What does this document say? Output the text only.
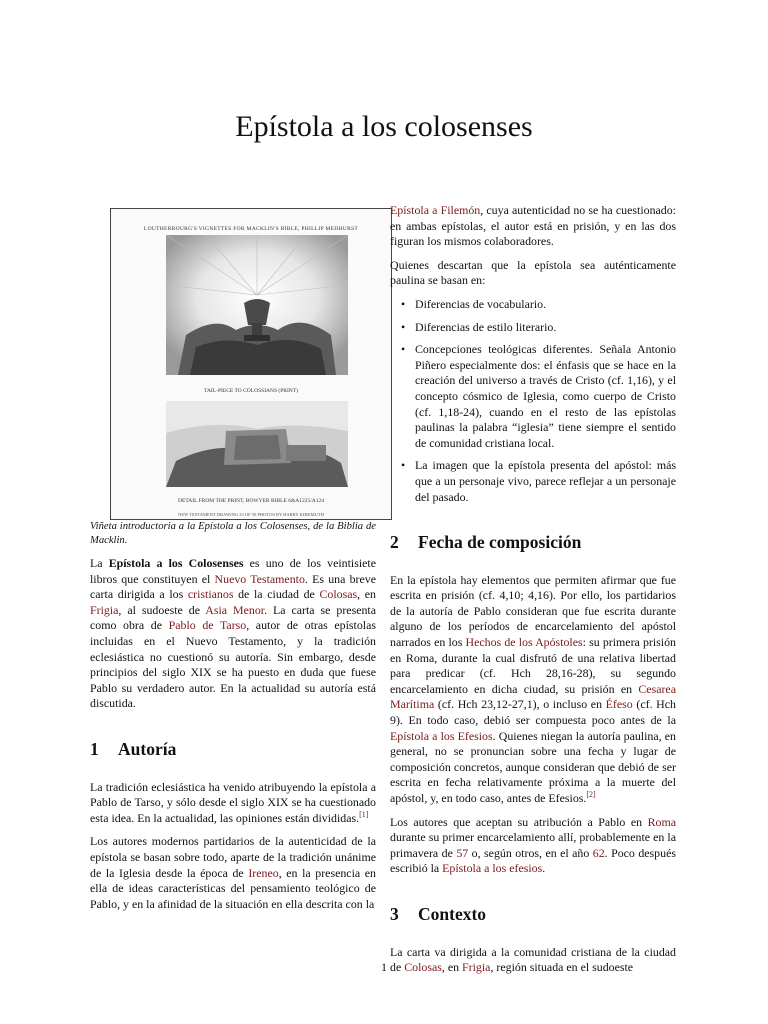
Epístola a los colosenses
LOUTHERBOURG'S VIGNETTES FOR MACKLIN'S BIBLE, PHILLIP MEDHURST
TAIL-PIECE TO COLOSSIANS (PRINT)
DETAIL FROM THE PRINT, BOWYER BIBLE 6&A1225/A124
NEW TESTAMENT DRAWING 23 OF 50 PHOTOS BY HARRY KIRKMUTH

Viñeta introductoria a la Epístola a los Colosenses, de la Biblia de Macklin.

La Epístola a los Colosenses es uno de los veintisiete libros que constituyen el Nuevo Testamento. Es una breve carta dirigida a los cristianos de la ciudad de Colosas, en Frigia, al sudoeste de Asia Menor. La carta se presenta como obra de Pablo de Tarso, autor de otras epístolas incluidas en el Nuevo Testamento, y la tradición eclesiástica no cuestionó su autoría. Sin embargo, desde principios del siglo XIX se ha puesto en duda que fuese Pablo su verdadero autor. En la actualidad su autoría está discutida.

1 Autoría

La tradición eclesiástica ha venido atribuyendo la epístola a Pablo de Tarso, y sólo desde el siglo XIX se ha cuestionado esta idea. En la actualidad, las opiniones están divididas.[1]

Los autores modernos partidarios de la autenticidad de la epístola se basan sobre todo, aparte de la tradición unánime de la Iglesia desde la época de Ireneo, en la presencia en ella de ideas características del pensamiento teológico de Pablo, y en la afinidad de la situación en ella descrita con la

Epístola a Filemón, cuya autenticidad no se ha cuestionado: en ambas epístolas, el autor está en prisión, y en las dos figuran los mismos colaboradores.

Quienes descartan que la epístola sea auténticamente paulina se basan en:

• Diferencias de vocabulario.
• Diferencias de estilo literario.
• Concepciones teológicas diferentes. Señala Antonio Piñero especialmente dos: el énfasis que se hace en la creación del universo a través de Cristo (cf. 1,16), y el concepto cósmico de Iglesia, como cuerpo de Cristo (cf. 1,18-24), cuando en el resto de las epístolas paulinas la palabra “iglesia” tiene siempre el sentido de comunidad cristiana local.
• La imagen que la epístola presenta del apóstol: más que a un personaje vivo, parece reflejar a un personaje del pasado.
2 Fecha de composición

En la epístola hay elementos que permiten afirmar que fue escrita en prisión (cf. 4,10; 4,16). Por ello, los partidarios de la autoría de Pablo consideran que fue escrita durante alguno de los períodos de encarcelamiento del apóstol narrados en los Hechos de los Apóstoles: su primera prisión en Roma, durante la cual disfrutó de una relativa libertad para predicar (cf. Hch 28,16-28), su segundo encarcelamiento en dicha ciudad, su prisión en Cesarea Marítima (cf. Hch 23,12-27,1), o incluso en Éfeso (cf. Hch 9). En todo caso, debió ser compuesta poco antes de la Epístola a los Efesios. Quienes niegan la autoría paulina, en general, no se pronuncian sobre una fecha y lugar de composición concretos, aunque consideran que debió de ser escrita en fecha relativamente próxima a la muerte del apóstol, y, en todo caso, antes de Efesios.[2]

Los autores que aceptan su atribución a Pablo en Roma durante su primer encarcelamiento allí, probablemente en la primavera de 57 o, según otros, en el año 62. Poco después escribió la Epístola a los efesios.

3 Contexto

La carta va dirigida a la comunidad cristiana de la ciudad de Colosas, en Frigia, región situada en el sudoeste

1
